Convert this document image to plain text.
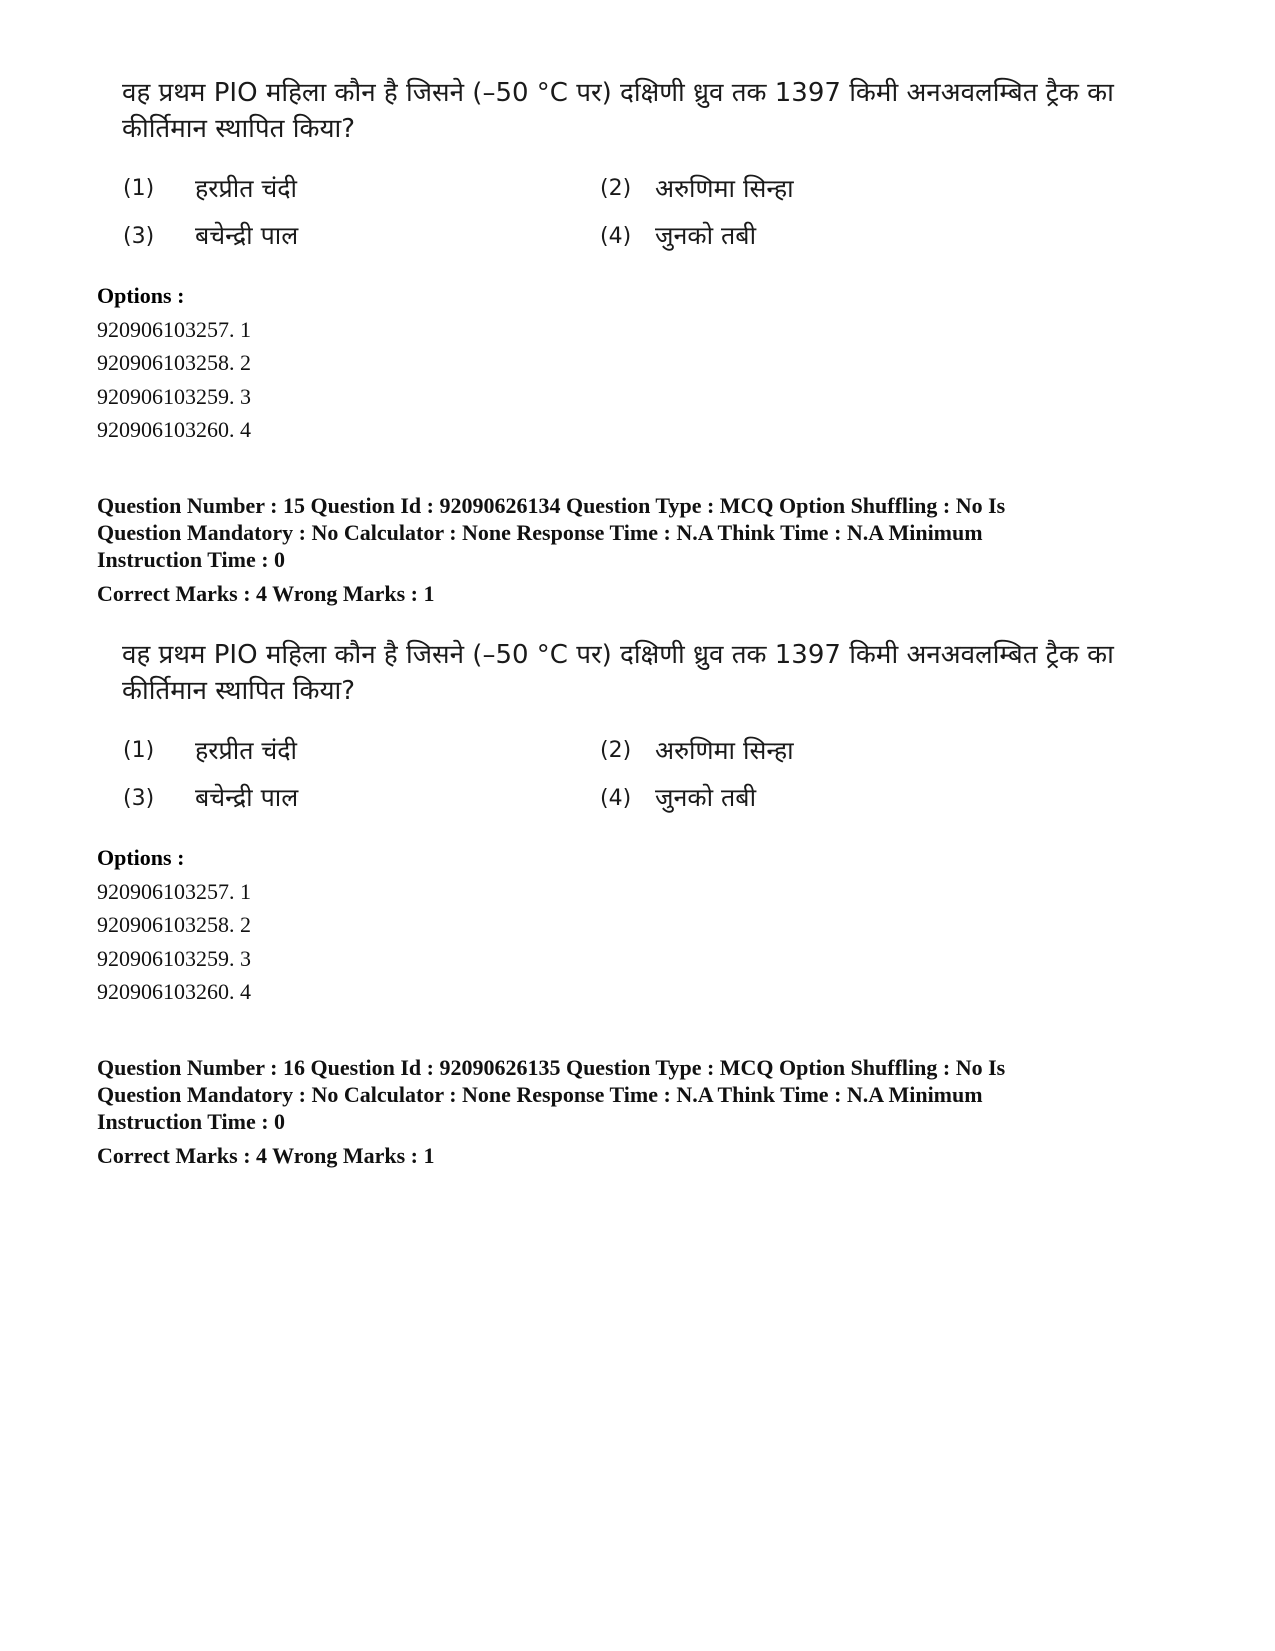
वह प्रथम PIO महिला कौन है जिसने (–50 °C पर) दक्षिणी ध्रुव तक 1397 किमी अनअवलम्बित ट्रैक का
कीर्तिमान स्थापित किया?
(1) हरप्रीत चंदी	(2) अरुणिमा सिन्हा
(3) बचेन्द्री पाल	(4) जुनको तबी
Options :
920906103257. 1
920906103258. 2
920906103259. 3
920906103260. 4
Question Number : 15 Question Id : 92090626134 Question Type : MCQ Option Shuffling : No Is
Question Mandatory : No Calculator : None Response Time : N.A Think Time : N.A Minimum
Instruction Time : 0
Correct Marks : 4 Wrong Marks : 1
वह प्रथम PIO महिला कौन है जिसने (–50 °C पर) दक्षिणी ध्रुव तक 1397 किमी अनअवलम्बित ट्रैक का
कीर्तिमान स्थापित किया?
(1) हरप्रीत चंदी	(2) अरुणिमा सिन्हा
(3) बचेन्द्री पाल	(4) जुनको तबी
Options :
920906103257. 1
920906103258. 2
920906103259. 3
920906103260. 4
Question Number : 16 Question Id : 92090626135 Question Type : MCQ Option Shuffling : No Is
Question Mandatory : No Calculator : None Response Time : N.A Think Time : N.A Minimum
Instruction Time : 0
Correct Marks : 4 Wrong Marks : 1
